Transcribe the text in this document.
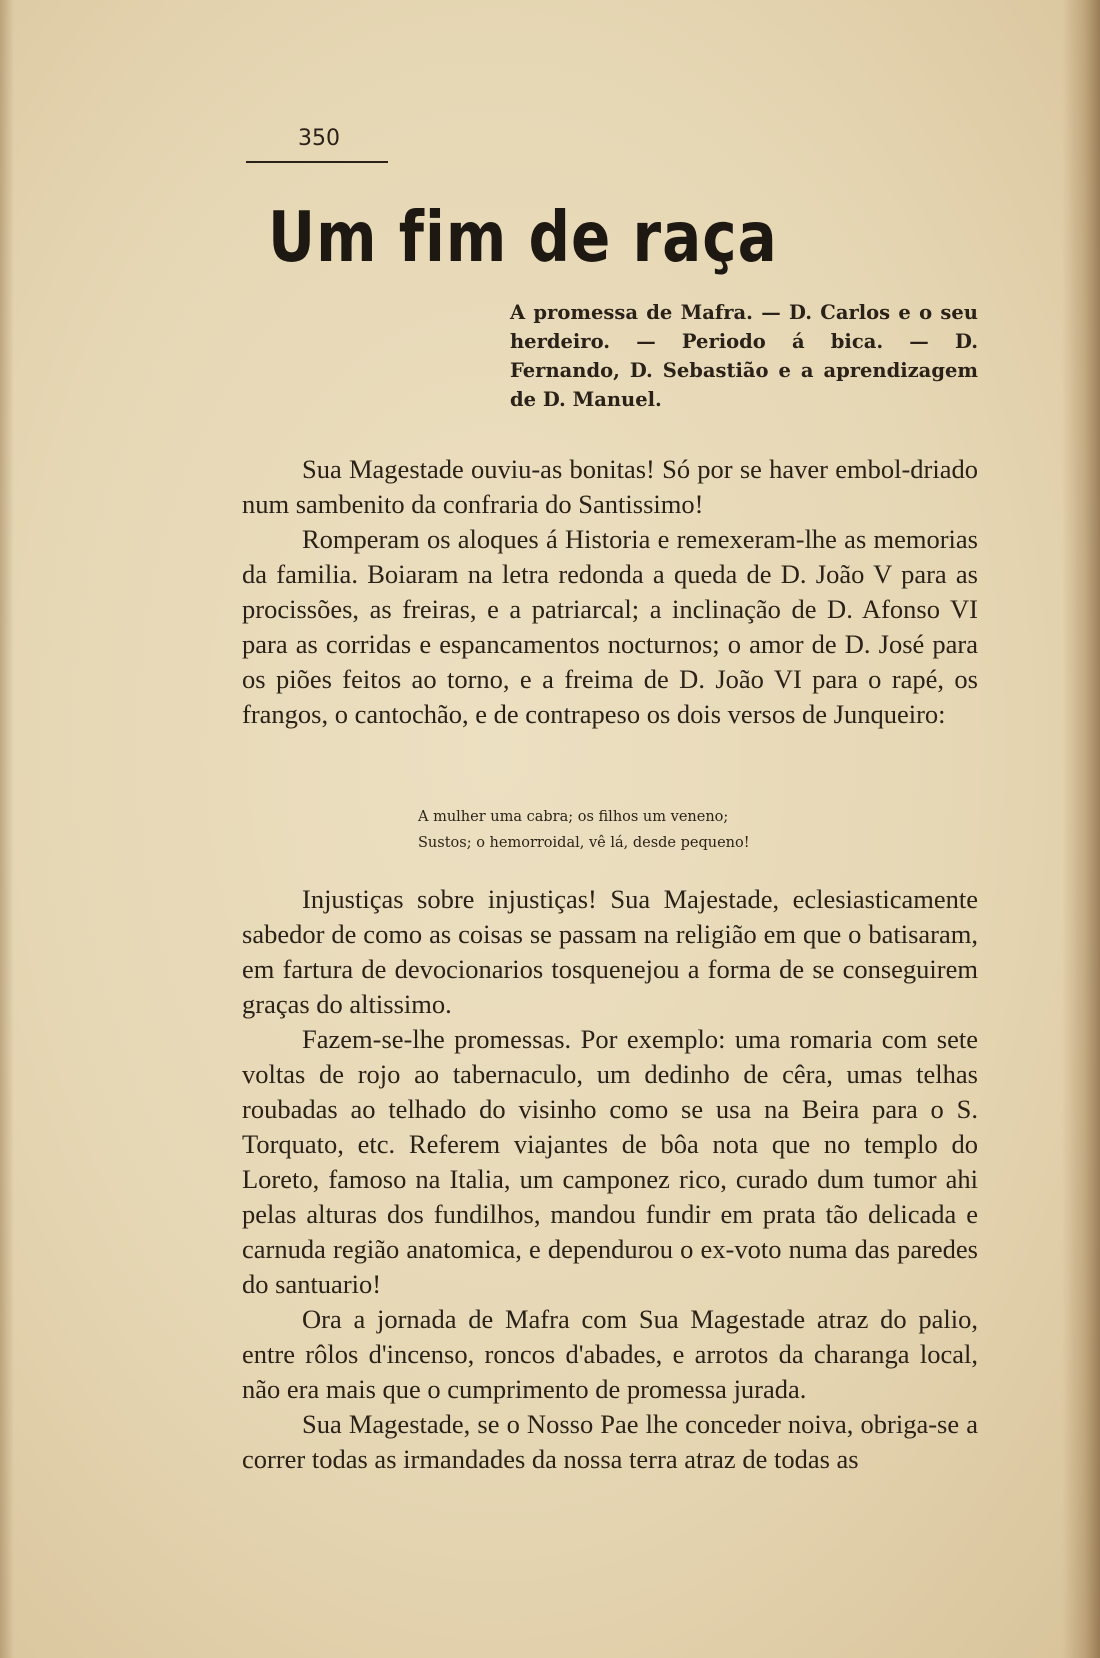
350
Um fim de raça

A promessa de Mafra. — D. Carlos e o seu herdeiro. — Periodo á bica. — D. Fernando, D. Sebastião e a aprendizagem de D. Manuel.

Sua Magestade ouviu-as bonitas! Só por se haver embol-driado num sambenito da confraria do Santissimo!

Romperam os aloques á Historia e remexeram-lhe as memorias da familia. Boiaram na letra redonda a queda de D. João V para as procissões, as freiras, e a patriarcal; a inclinação de D. Afonso VI para as corridas e espancamentos nocturnos; o amor de D. José para os piões feitos ao torno, e a freima de D. João VI para o rapé, os frangos, o cantochão, e de contrapeso os dois versos de Junqueiro:

A mulher uma cabra; os filhos um veneno;
Sustos; o hemorroidal, vê lá, desde pequeno!

Injustiças sobre injustiças! Sua Majestade, eclesiasticamente sabedor de como as coisas se passam na religião em que o batisaram, em fartura de devocionarios tosquenejou a forma de se conseguirem graças do altissimo.

Fazem-se-lhe promessas. Por exemplo: uma romaria com sete voltas de rojo ao tabernaculo, um dedinho de cêra, umas telhas roubadas ao telhado do visinho como se usa na Beira para o S. Torquato, etc. Referem viajantes de bôa nota que no templo do Loreto, famoso na Italia, um camponez rico, curado dum tumor ahi pelas alturas dos fundilhos, mandou fundir em prata tão delicada e carnuda região anatomica, e dependurou o ex-voto numa das paredes do santuario!

Ora a jornada de Mafra com Sua Magestade atraz do palio, entre rôlos d'incenso, roncos d'abades, e arrotos da charanga local, não era mais que o cumprimento de promessa jurada.

Sua Magestade, se o Nosso Pae lhe conceder noiva, obriga-se a correr todas as irmandades da nossa terra atraz de todas as
